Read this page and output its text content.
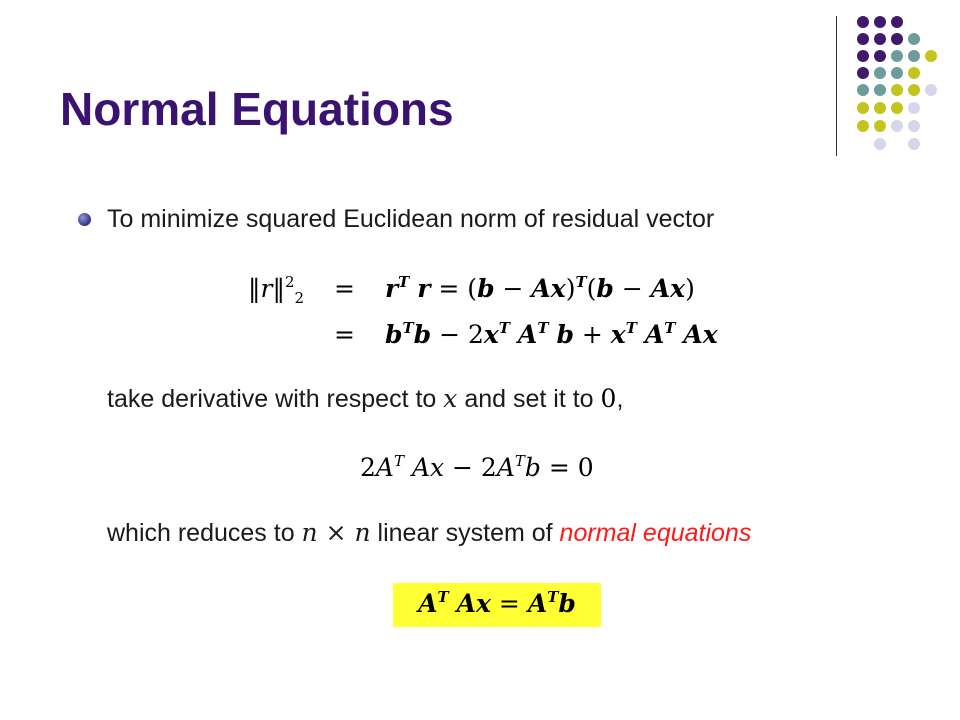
Normal Equations
To minimize squared Euclidean norm of residual vector
‖r‖$^2_2$ = $r^T$ $r = (b - Ax)^T(b - Ax)$
= $b^Tb - 2x^T$ $A^T$ $b + x^T$ $A^T$ Ax
take derivative with respect to x and set it to 0,
$2A^T$ $Ax - 2A^Tb = 0$
which reduces to n × n linear system of normal equations
$A^T$ $Ax = A^Tb$
